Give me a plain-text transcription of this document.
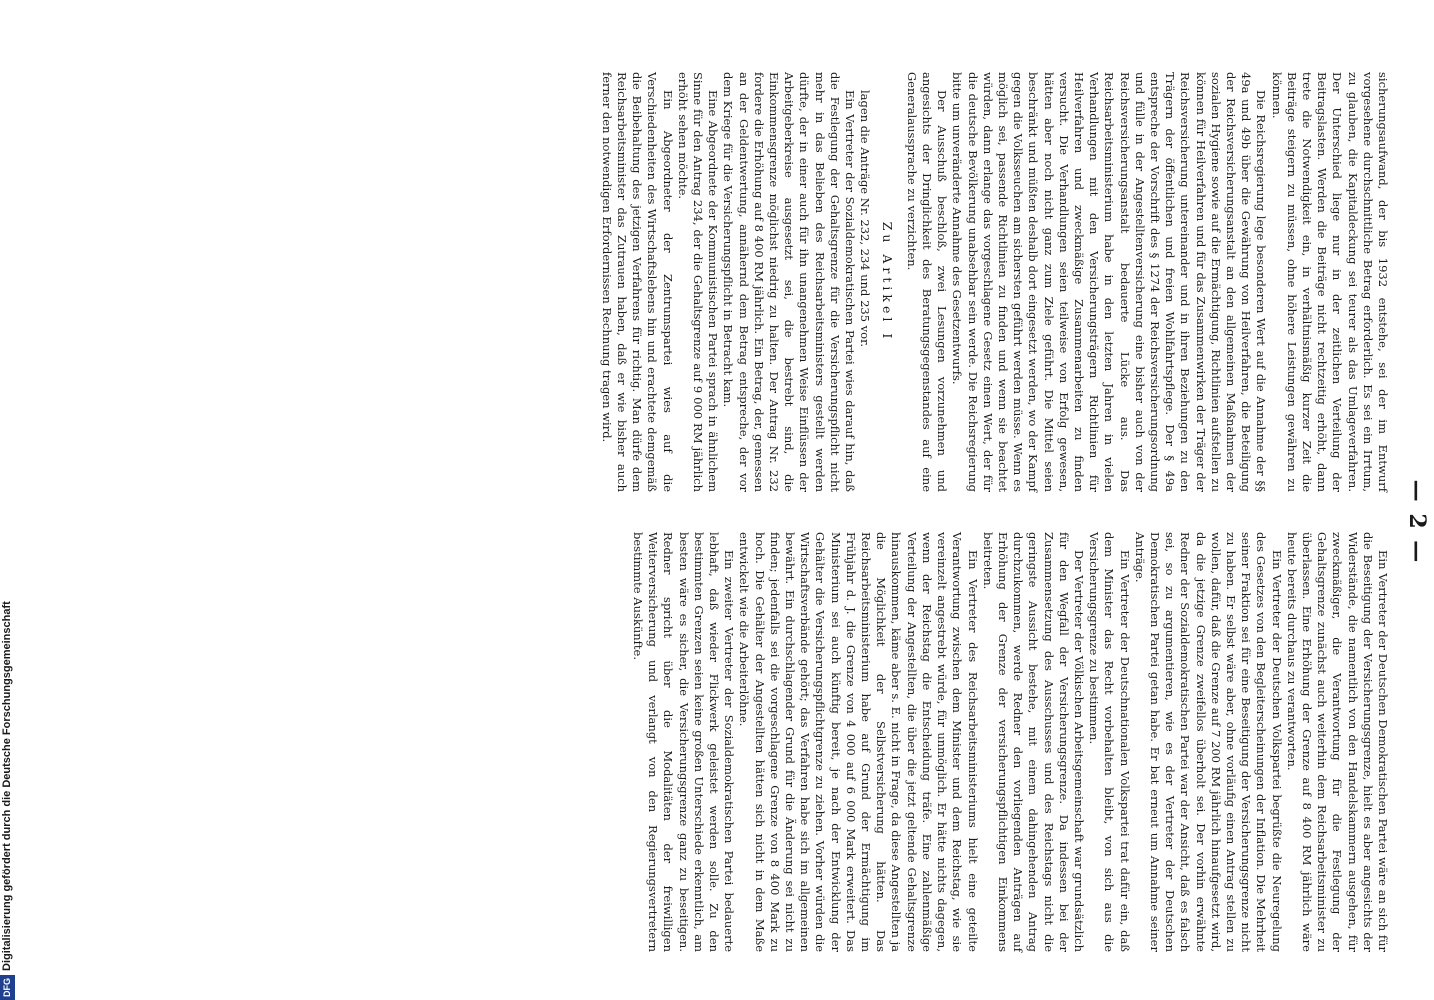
— 2 —

sicherungsaufwand, der bis 1932 entstehe, sei der im Entwurf vorgesehene durchschnittliche Betrag erforderlich. Es sei ein Irrtum, zu glauben, die Kapitaldeckung sei teurer als das Umlageverfahren. Der Unterschied liege nur in der zeitlichen Verteilung der Beitragslasten. Werden die Beiträge nicht rechtzeitig erhöht, dann trete die Notwendigkeit ein, in verhältnismäßig kurzer Zeit die Beiträge steigern zu müssen, ohne höhere Leistungen gewähren zu können.

Die Reichsregierung lege besonderen Wert auf die Annahme der §§ 49a und 49b über die Gewährung von Heilverfahren, die Beteiligung der Reichsversicherungsanstalt an den allgemeinen Maßnahmen der sozialen Hygiene sowie auf die Ermächtigung, Richtlinien aufstellen zu können für Heilverfahren und für das Zusammenwirken der Träger der Reichsversicherung untereinander und in ihren Beziehungen zu den Trägern der öffentlichen und freien Wohlfahrtspflege. Der § 49a entspreche der Vorschrift des § 1274 der Reichsversicherungsordnung und fülle in der Angestelltenversicherung eine bisher auch von der Reichsversicherungsanstalt bedauerte Lücke aus. Das Reichsarbeitsministerium habe in den letzten Jahren in vielen Verhandlungen mit den Versicherungsträgern Richtlinien für Heilverfahren und zweckmäßige Zusammenarbeiten zu finden versucht. Die Verhandlungen seien teilweise von Erfolg gewesen, hätten aber noch nicht ganz zum Ziele geführt. Die Mittel seien beschränkt und müßten deshalb dort eingesetzt werden, wo der Kampf gegen die Volksseuchen am sichersten geführt werden müsse. Wenn es möglich sei, passende Richtlinien zu finden und wenn sie beachtet würden, dann erlange das vorgeschlagene Gesetz einen Wert, der für die deutsche Bevölkerung unabsehbar sein werde. Die Reichsregierung bitte um unveränderte Annahme des Gesetzentwurfs.

Der Ausschuß beschloß, zwei Lesungen vorzunehmen und angesichts der Dringlichkeit des Beratungsgegenstandes auf eine Generalaussprache zu verzichten.

Zu Artikel I

lagen die Anträge Nr. 232, 234 und 235 vor.

Ein Vertreter der Sozialdemokratischen Partei wies darauf hin, daß die Festlegung der Gehaltsgrenze für die Versicherungspflicht nicht mehr in das Belieben des Reichsarbeitsministers gestellt werden dürfte, der in einer auch für ihn unangenehmen Weise Einflüssen der Arbeitgeberkreise ausgesetzt sei, die bestrebt sind, die Einkommensgrenze möglichst niedrig zu halten. Der Antrag Nr. 232 fordere die Erhöhung auf 8 400 RM jährlich. Ein Betrag, der, gemessen an der Geldentwertung, annähernd dem Betrag entspreche, der vor dem Kriege für die Versicherungspflicht in Betracht kam.

Eine Abgeordnete der Kommunistischen Partei sprach in ähnlichem Sinne für den Antrag 234, der die Gehaltsgrenze auf 9 000 RM jährlich erhöht sehen möchte.

Ein Abgeordneter der Zentrumspartei wies auf die Verschiedenheiten des Wirtschaftslebens hin und erachtete demgemäß die Beibehaltung des jetzigen Verfahrens für richtig. Man dürfe dem Reichsarbeitsminister das Zutrauen haben, daß er wie bisher auch ferner den notwendigen Erfordernissen Rechnung tragen wird.

Ein Vertreter der Deutschen Demokratischen Partei wäre an sich für die Beseitigung der Versicherungsgrenze, hielt es aber angesichts der Widerstände, die namentlich von den Handelskammern ausgehen, für zweckmäßiger, die Verantwortung für die Festlegung der Gehaltsgrenze zunächst auch weiterhin dem Reichsarbeitsminister zu überlassen. Eine Erhöhung der Grenze auf 8 400 RM jährlich wäre heute bereits durchaus zu verantworten.

Ein Vertreter der Deutschen Volkspartei begrüßte die Neuregelung des Gesetzes von den Begleiterscheinungen der Inflation. Die Mehrheit seiner Fraktion sei für eine Beseitigung der Versicherungsgrenze nicht zu haben. Er selbst wäre aber, ohne vorläufig einen Antrag stellen zu wollen, dafür, daß die Grenze auf 7 200 RM jährlich hinaufgesetzt wird, da die jetzige Grenze zweifellos überholt sei. Der vorhin erwähnte Redner der Sozialdemokratischen Partei war der Ansicht, daß es falsch sei, so zu argumentieren, wie es der Vertreter der Deutschen Demokratischen Partei getan habe. Er bat erneut um Annahme seiner Anträge.

Ein Vertreter der Deutschnationalen Volkspartei trat dafür ein, daß dem Minister das Recht vorbehalten bleibt, von sich aus die Versicherungsgrenze zu bestimmen.

Der Vertreter der Völkischen Arbeitsgemeinschaft war grundsätzlich für den Wegfall der Versicherungsgrenze. Da indessen bei der Zusammensetzung des Ausschusses und des Reichstags nicht die geringste Aussicht bestehe, mit einem dahingehenden Antrag durchzukommen, werde Redner den vorliegenden Anträgen auf Erhöhung der Grenze der versicherungspflichtigen Einkommens beitreten.

Ein Vertreter des Reichsarbeitsministeriums hielt eine geteilte Verantwortung zwischen dem Minister und dem Reichstag, wie sie vereinzelt angestrebt würde, für unmöglich. Er hätte nichts dagegen, wenn der Reichstag die Entscheidung träfe. Eine zahlenmäßige Verteilung der Angestellten, die über die jetzt geltende Gehaltsgrenze hinauskommen, käme aber s. E. nicht in Frage, da diese Angestellten ja die Möglichkeit der Selbstversicherung hätten. Das Reichsarbeitsministerium habe auf Grund der Ermächtigung im Frühjahr d. J. die Grenze von 4 000 auf 6 000 Mark erweitert. Das Ministerium sei auch künftig bereit, je nach der Entwicklung der Gehälter die Versicherungspflichtgrenze zu ziehen. Vorher würden die Wirtschaftsverbände gehört; das Verfahren habe sich im allgemeinen bewährt. Ein durchschlagender Grund für die Änderung sei nicht zu finden; jedenfalls sei die vorgeschlagene Grenze von 8 400 Mark zu hoch. Die Gehälter der Angestellten hätten sich nicht in dem Maße entwickelt wie die Arbeiterlöhne.

Ein zweiter Vertreter der Sozialdemokratischen Partei bedauerte lebhaft, daß wieder Flickwerk geleistet werden solle. Zu den bestimmten Grenzen seien keine großen Unterschiede erkenntlich, am besten wäre es sicher, die Versicherungsgrenze ganz zu beseitigen. Redner spricht über die Modalitäten der freiwilligen Weiterversicherung und verlangt von den Regierungsvertretern bestimmte Auskünfte.

DFG
Digitalisierung gefördert durch die Deutsche Forschungsgemeinschaft
